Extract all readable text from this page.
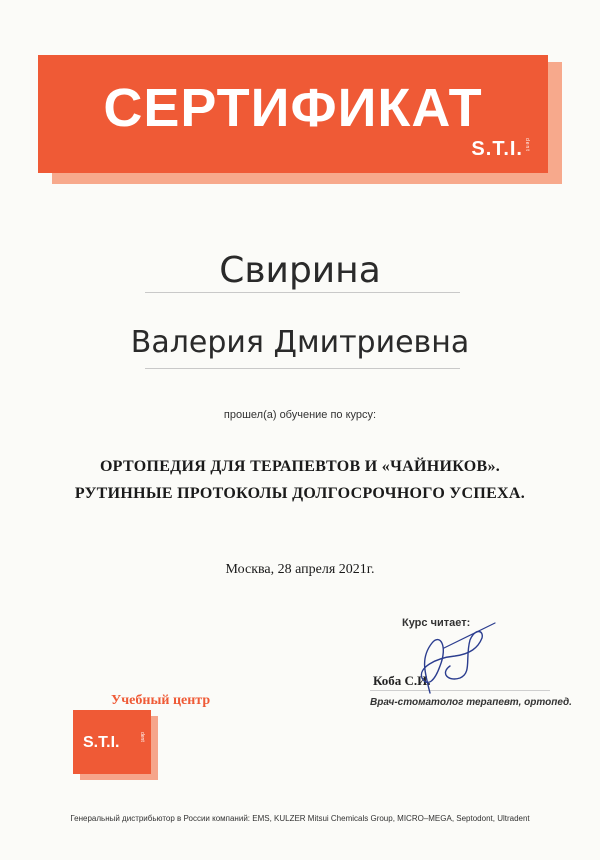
СЕРТИФИКАТ
S.T.I.dent
Свирина
Валерия Дмитриевна
прошел(а) обучение по курсу:
ОРТОПЕДИЯ ДЛЯ ТЕРАПЕВТОВ И «ЧАЙНИКОВ».
РУТИННЫЕ ПРОТОКОЛЫ ДОЛГОСРОЧНОГО УСПЕХА.
Москва, 28 апреля 2021г.
Курс читает:
Коба С.И.
Врач-стоматолог терапевт, ортопед.
Учебный центр
S.T.I.	dent
Генеральный дистрибьютор в России компаний: EMS, KULZER Mitsui Chemicals Group, MICRO–MEGA, Septodont, Ultradent
